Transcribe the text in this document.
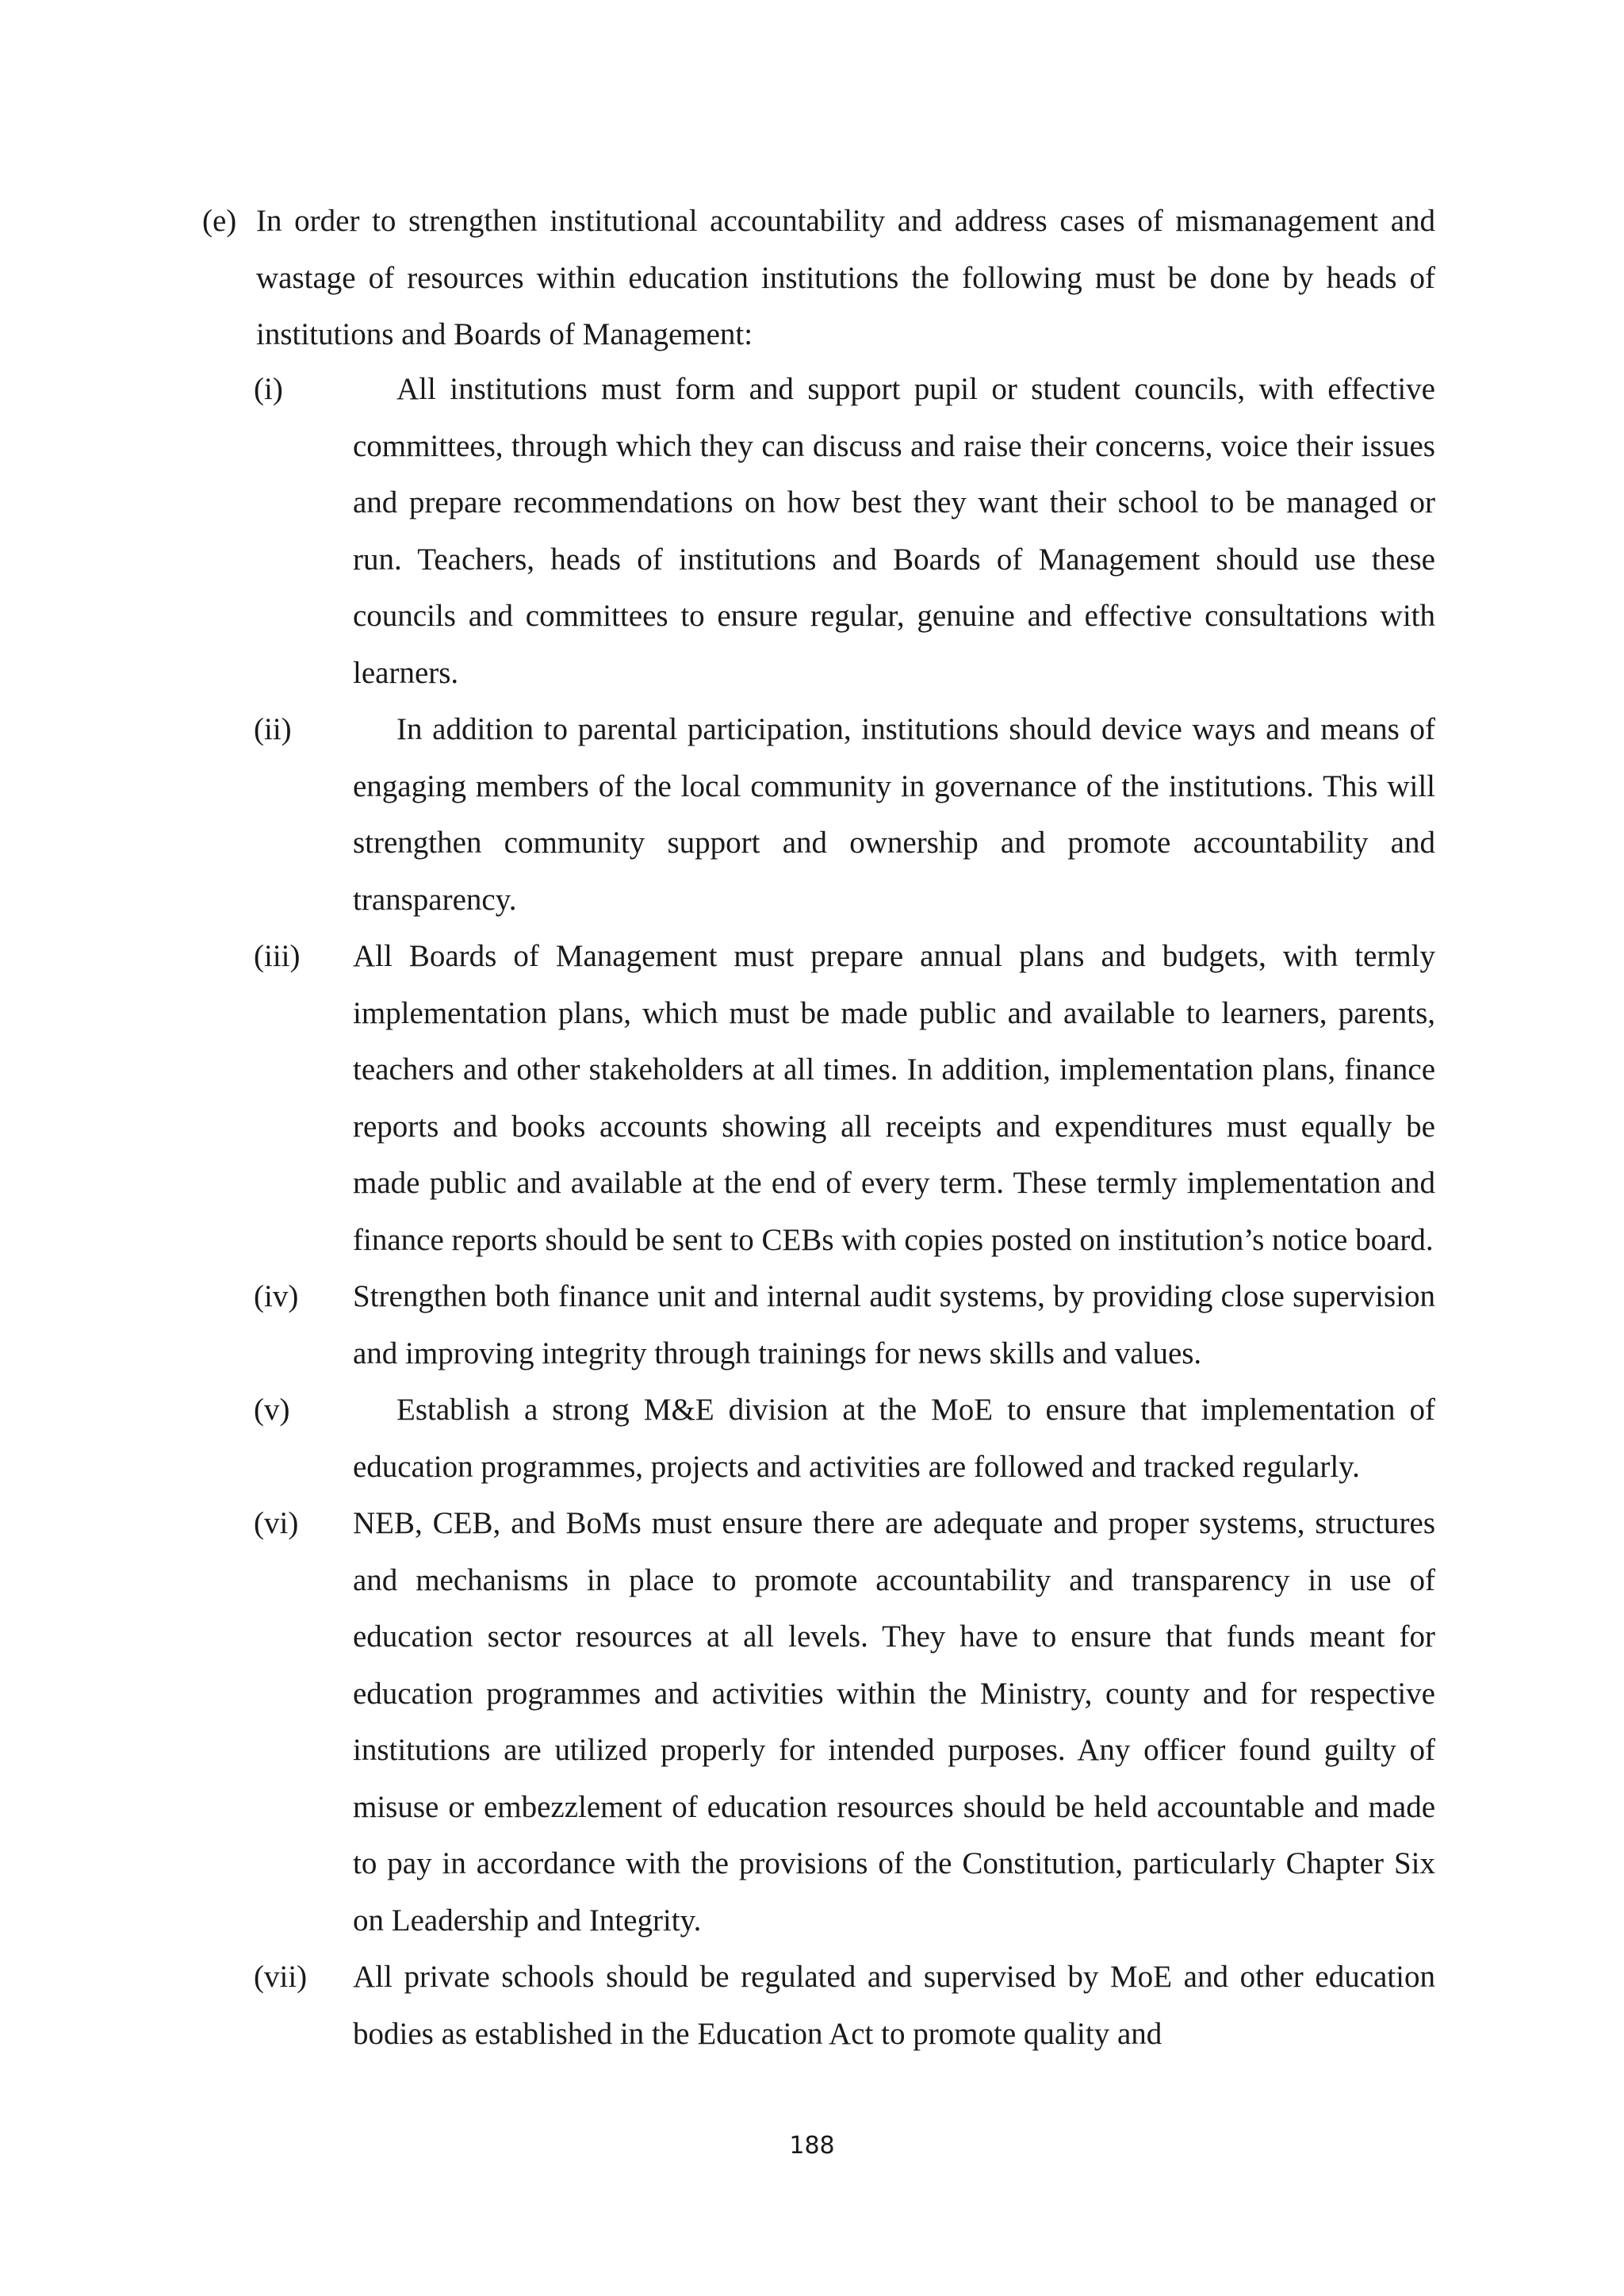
(e) In order to strengthen institutional accountability and address cases of mismanagement and wastage of resources within education institutions the following must be done by heads of institutions and Boards of Management:
(i)	All institutions must form and support pupil or student councils, with effective committees, through which they can discuss and raise their concerns, voice their issues and prepare recommendations on how best they want their school to be managed or run. Teachers, heads of institutions and Boards of Management should use these councils and committees to ensure regular, genuine and effective consultations with learners.

(ii)	In addition to parental participation, institutions should device ways and means of engaging members of the local community in governance of the institutions. This will strengthen community support and ownership and promote accountability and transparency.

(iii) All Boards of Management must prepare annual plans and budgets, with termly implementation plans, which must be made public and available to learners, parents, teachers and other stakeholders at all times. In addition, implementation plans, finance reports and books accounts showing all receipts and expenditures must equally be made public and available at the end of every term. These termly implementation and finance reports should be sent to CEBs with copies posted on institution’s notice board.

(iv) Strengthen both finance unit and internal audit systems, by providing close supervision and improving integrity through trainings for news skills and values.

(v)	Establish a strong M&E division at the MoE to ensure that implementation of education programmes, projects and activities are followed and tracked regularly.

(vi) NEB, CEB, and BoMs must ensure there are adequate and proper systems, structures and mechanisms in place to promote accountability and transparency in use of education sector resources at all levels. They have to ensure that funds meant for education programmes and activities within the Ministry, county and for respective institutions are utilized properly for intended purposes. Any officer found guilty of misuse or embezzlement of education resources should be held accountable and made to pay in accordance with the provisions of the Constitution, particularly Chapter Six on Leadership and Integrity.

(vii) All private schools should be regulated and supervised by MoE and other education bodies as established in the Education Act to promote quality and

188
